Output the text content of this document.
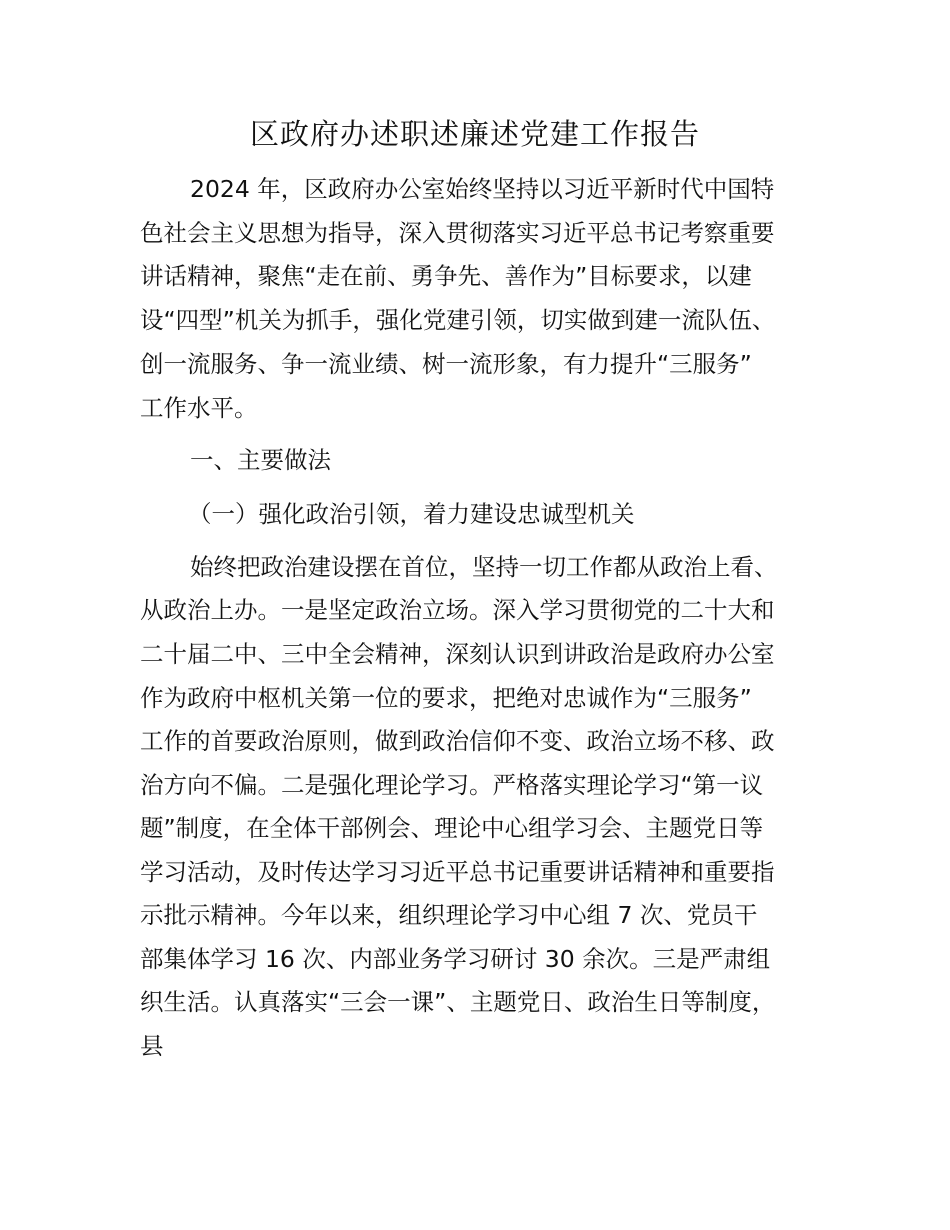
区政府办述职述廉述党建工作报告

2024 年，区政府办公室始终坚持以习近平新时代中国特

色社会主义思想为指导，深入贯彻落实习近平总书记考察重要

讲话精神，聚焦“走在前、勇争先、善作为”目标要求，以建

设“四型”机关为抓手，强化党建引领，切实做到建一流队伍、

创一流服务、争一流业绩、树一流形象，有力提升“三服务”

工作水平。

一、主要做法

（一）强化政治引领，着力建设忠诚型机关

始终把政治建设摆在首位，坚持一切工作都从政治上看、

从政治上办。一是坚定政治立场。深入学习贯彻党的二十大和

二十届二中、三中全会精神，深刻认识到讲政治是政府办公室

作为政府中枢机关第一位的要求，把绝对忠诚作为“三服务”

工作的首要政治原则，做到政治信仰不变、政治立场不移、政

治方向不偏。二是强化理论学习。严格落实理论学习“第一议

题”制度，在全体干部例会、理论中心组学习会、主题党日等

学习活动，及时传达学习习近平总书记重要讲话精神和重要指

示批示精神。今年以来，组织理论学习中心组 7 次、党员干

部集体学习 16 次、内部业务学习研讨 30 余次。三是严肃组

织生活。认真落实“三会一课”、主题党日、政治生日等制度，

县
